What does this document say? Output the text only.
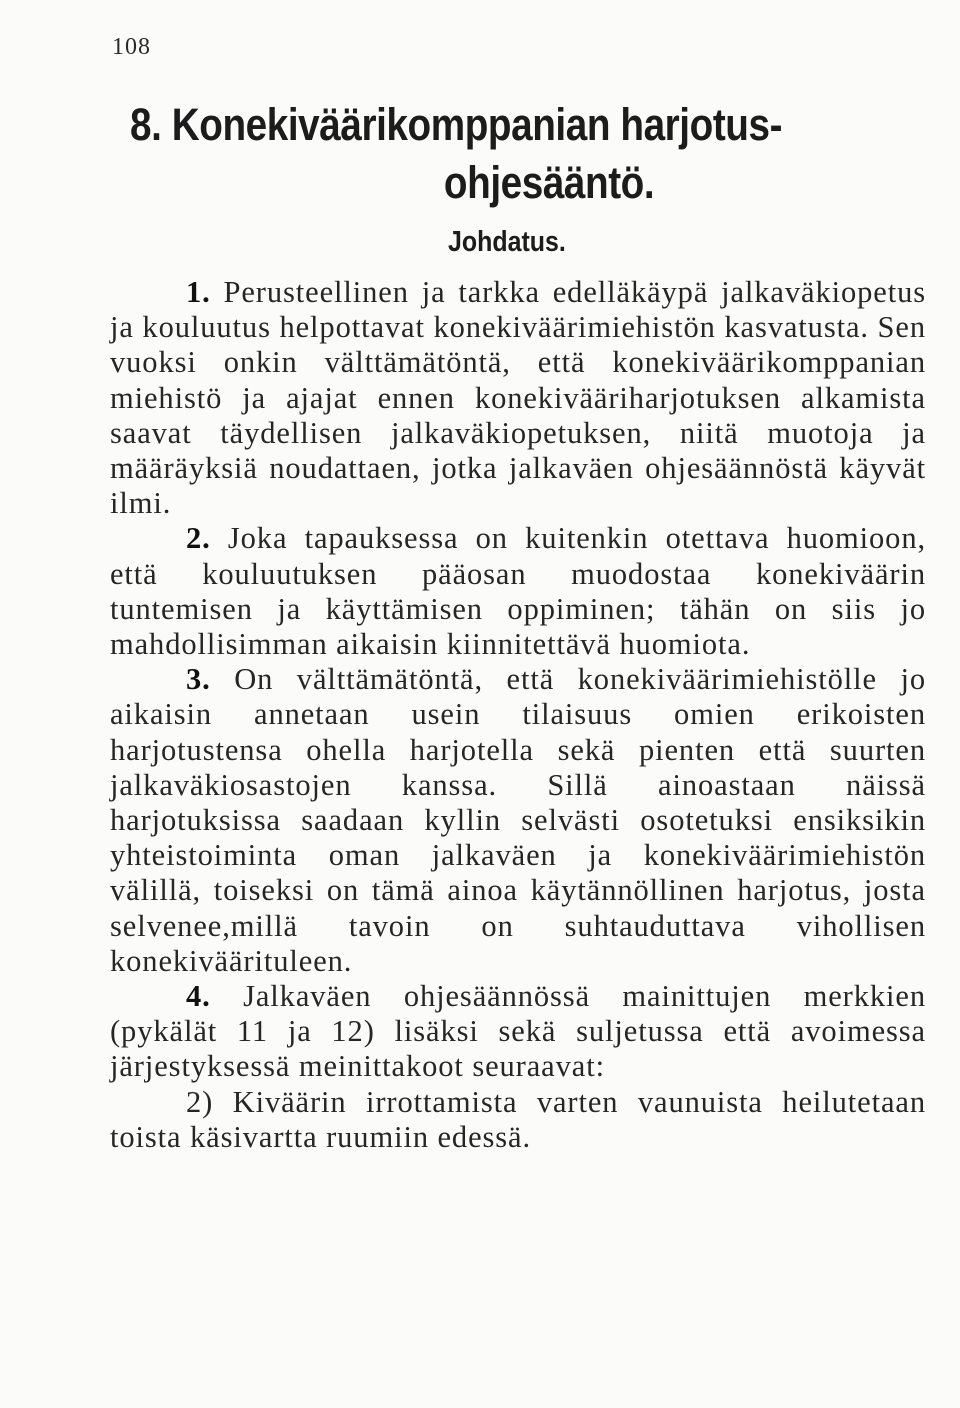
108
8. Konekiväärikomppanian harjotus-
ohjesääntö.
Johdatus.

1. Perusteellinen ja tarkka edelläkäypä jalkaväkiopetus ja kouluutus helpottavat konekiväärimiehistön kasvatusta. Sen vuoksi onkin välttämätöntä, että konekiväärikomppanian miehistö ja ajajat ennen konekivääriharjotuksen alkamista saavat täydellisen jalkaväkiopetuksen, niitä muotoja ja määräyksiä noudattaen, jotka jalkaväen ohjesäännöstä käyvät ilmi.

2. Joka tapauksessa on kuitenkin otettava huomioon, että kouluutuksen pääosan muodostaa konekiväärin tuntemisen ja käyttämisen oppiminen; tähän on siis jo mahdollisimman aikaisin kiinnitettävä huomiota.

3. On välttämätöntä, että konekiväärimiehistölle jo aikaisin annetaan usein tilaisuus omien erikoisten harjotustensa ohella harjotella sekä pienten että suurten jalkaväkiosastojen kanssa. Sillä ainoastaan näissä harjotuksissa saadaan kyllin selvästi osotetuksi ensiksikin yhteistoiminta oman jalkaväen ja konekiväärimiehistön välillä, toiseksi on tämä ainoa käytännöllinen harjotus, josta selvenee,millä tavoin on suhtauduttava vihollisen konekiväärituleen.

4. Jalkaväen ohjesäännössä mainittujen merkkien (pykälät 11 ja 12) lisäksi sekä suljetussa että avoimessa järjestyksessä meinittakoot seuraavat:

2) Kiväärin irrottamista varten vaunuista heilutetaan toista käsivartta ruumiin edessä.
